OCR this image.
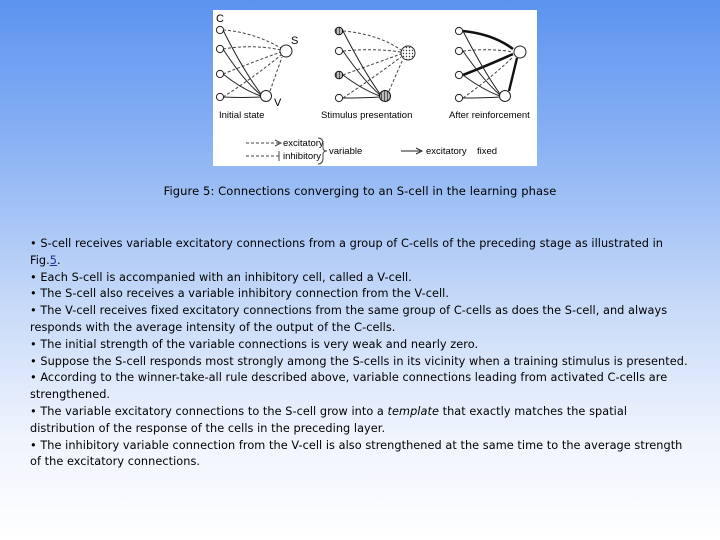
C
S
V
Initial state	Stimulus presentation	After reinforcement
excitatory
inhibitory variable	excitatory fixed
Figure 5: Connections converging to an S-cell in the learning phase

• S-cell receives variable excitatory connections from a group of C-cells of the preceding stage as illustrated in Fig.5.

• Each S-cell is accompanied with an inhibitory cell, called a V-cell.

• The S-cell also receives a variable inhibitory connection from the V-cell.

• The V-cell receives fixed excitatory connections from the same group of C-cells as does the S-cell, and always responds with the average intensity of the output of the C-cells.

• The initial strength of the variable connections is very weak and nearly zero.

• Suppose the S-cell responds most strongly among the S-cells in its vicinity when a training stimulus is presented.

• According to the winner-take-all rule described above, variable connections leading from activated C-cells are strengthened.

• The variable excitatory connections to the S-cell grow into a template that exactly matches the spatial distribution of the response of the cells in the preceding layer.

• The inhibitory variable connection from the V-cell is also strengthened at the same time to the average strength of the excitatory connections.
